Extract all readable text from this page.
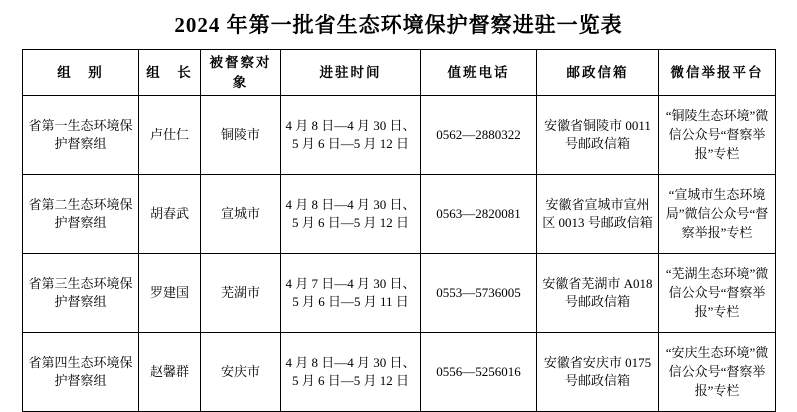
2024 年第一批省生态环境保护督察进驻一览表
组　别	组　长	被督察对象	进驻时间	值班电话	邮政信箱	微信举报平台
省第一生态环境保护督察组	卢仕仁	铜陵市	4 月 8 日—4 月 30 日、5 月 6 日—5 月 12 日	0562—2880322	安徽省铜陵市 0011 号邮政信箱	“铜陵生态环境”微信公众号“督察举报”专栏
省第二生态环境保护督察组	胡春武	宣城市	4 月 8 日—4 月 30 日、5 月 6 日—5 月 12 日	0563—2820081	安徽省宣城市宣州区 0013 号邮政信箱	“宣城市生态环境局”微信公众号“督察举报”专栏
省第三生态环境保护督察组	罗建国	芜湖市	4 月 7 日—4 月 30 日、5 月 6 日—5 月 11 日	0553—5736005	安徽省芜湖市 A018 号邮政信箱	“芜湖生态环境”微信公众号“督察举报”专栏
省第四生态环境保护督察组	赵馨群	安庆市	4 月 8 日—4 月 30 日、5 月 6 日—5 月 12 日	0556—5256016	安徽省安庆市 0175 号邮政信箱	“安庆生态环境”微信公众号“督察举报”专栏
